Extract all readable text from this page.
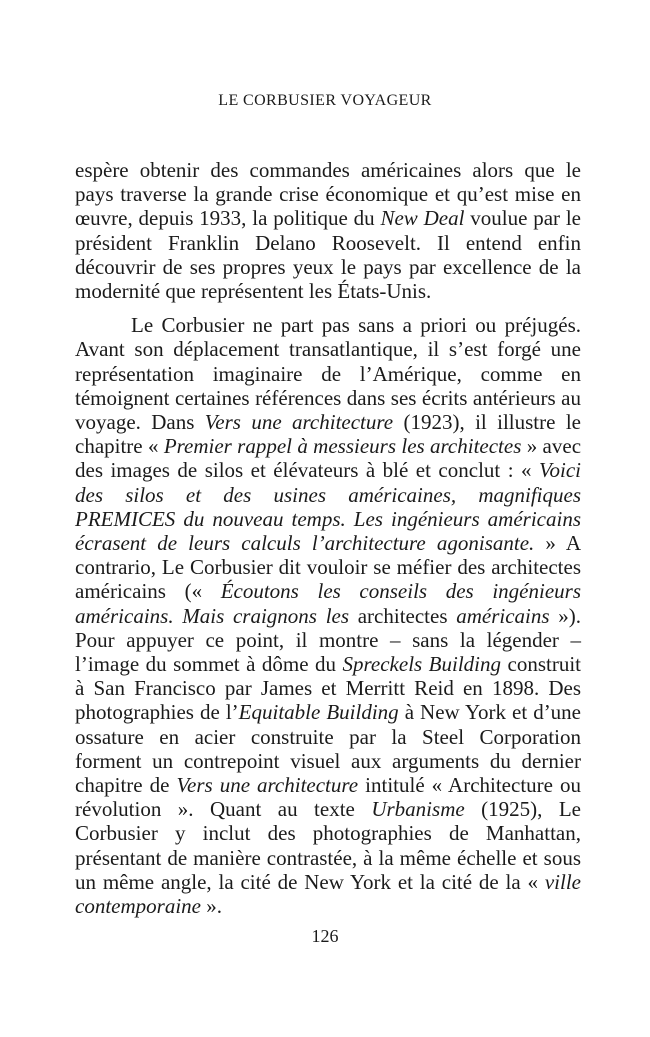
LE CORBUSIER VOYAGEUR

espère obtenir des commandes américaines alors que le pays traverse la grande crise économique et qu’est mise en œuvre, depuis 1933, la politique du New Deal voulue par le président Franklin Delano Roosevelt. Il entend enfin découvrir de ses propres yeux le pays par excellence de la modernité que représentent les États-Unis.

Le Corbusier ne part pas sans a priori ou préjugés. Avant son déplacement transatlantique, il s’est forgé une représentation imaginaire de l’Amérique, comme en témoignent certaines références dans ses écrits antérieurs au voyage. Dans Vers une architecture (1923), il illustre le chapitre « Premier rappel à messieurs les architectes » avec des images de silos et élévateurs à blé et conclut : « Voici des silos et des usines américaines, magnifiques PREMICES du nouveau temps. Les ingénieurs américains écrasent de leurs calculs l’architecture agonisante. » A contrario, Le Corbusier dit vouloir se méfier des architectes américains (« Écoutons les conseils des ingénieurs américains. Mais craignons les architectes américains »). Pour appuyer ce point, il montre – sans la légender – l’image du sommet à dôme du Spreckels Building construit à San Francisco par James et Merritt Reid en 1898. Des photographies de l’Equitable Building à New York et d’une ossature en acier construite par la Steel Corporation forment un contrepoint visuel aux arguments du dernier chapitre de Vers une architecture intitulé « Architecture ou révolution ». Quant au texte Urbanisme (1925), Le Corbusier y inclut des photographies de Manhattan, présentant de manière contrastée, à la même échelle et sous un même angle, la cité de New York et la cité de la « ville contemporaine ».

126
